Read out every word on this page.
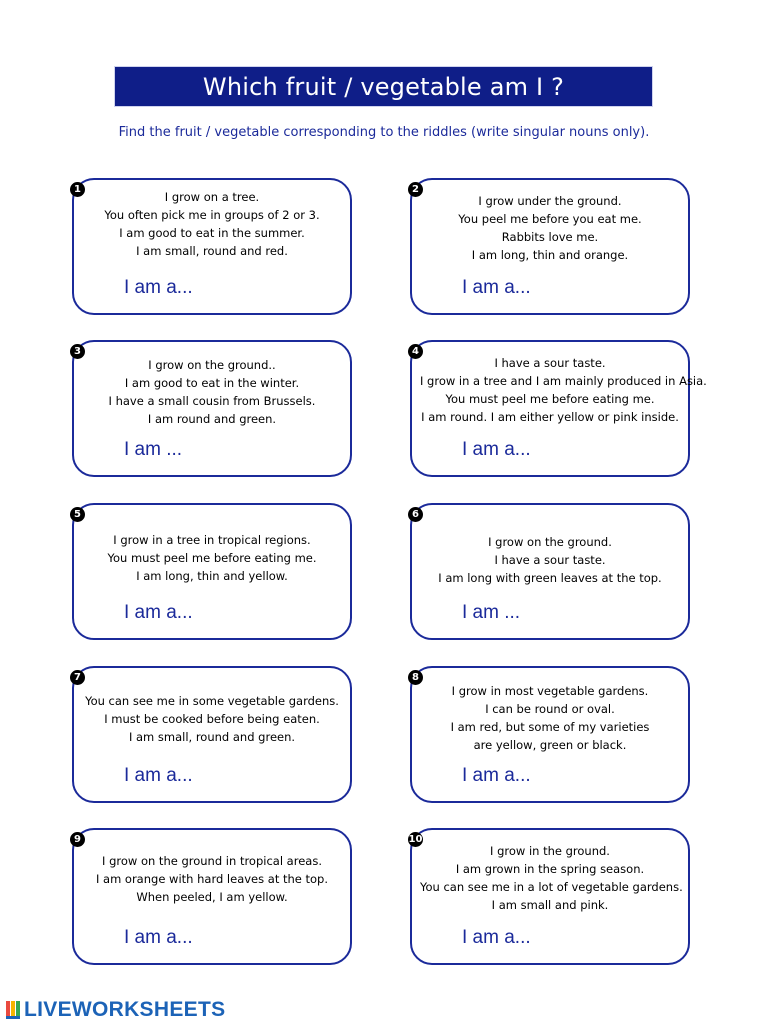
Which fruit / vegetable am I ?
Find the fruit / vegetable corresponding to the riddles (write singular nouns only).
1
I grow on a tree.
You often pick me in groups of 2 or 3.
I am good to eat in the summer.
I am small, round and red.
I am a...
2
I grow under the ground.
You peel me before you eat me.
Rabbits love me.
I am long, thin and orange.
I am a...
3
I grow on the ground..
I am good to eat in the winter.
I have a small cousin from Brussels.
I am round and green.
I am ...
4
I have a sour taste.
I grow in a tree and I am mainly produced in Asia.
You must peel me before eating me.
I am round. I am either yellow or pink inside.
I am a...
5
I grow in a tree in tropical regions.
You must peel me before eating me.
I am long, thin and yellow.
I am a...
6
I grow on the ground.
I have a sour taste.
I am long with green leaves at the top.
I am ...
7
You can see me in some vegetable gardens.
I must be cooked before being eaten.
I am small, round and green.
I am a...
8
I grow in most vegetable gardens.
I can be round or oval.
I am red, but some of my varieties
are yellow, green or black.
I am a...
9
I grow on the ground in tropical areas.
I am orange with hard leaves at the top.
When peeled, I am yellow.
I am a...
10
I grow in the ground.
I am grown in the spring season.
You can see me in a lot of vegetable gardens.
I am small and pink.
I am a...
LIVEWORKSHEETS
